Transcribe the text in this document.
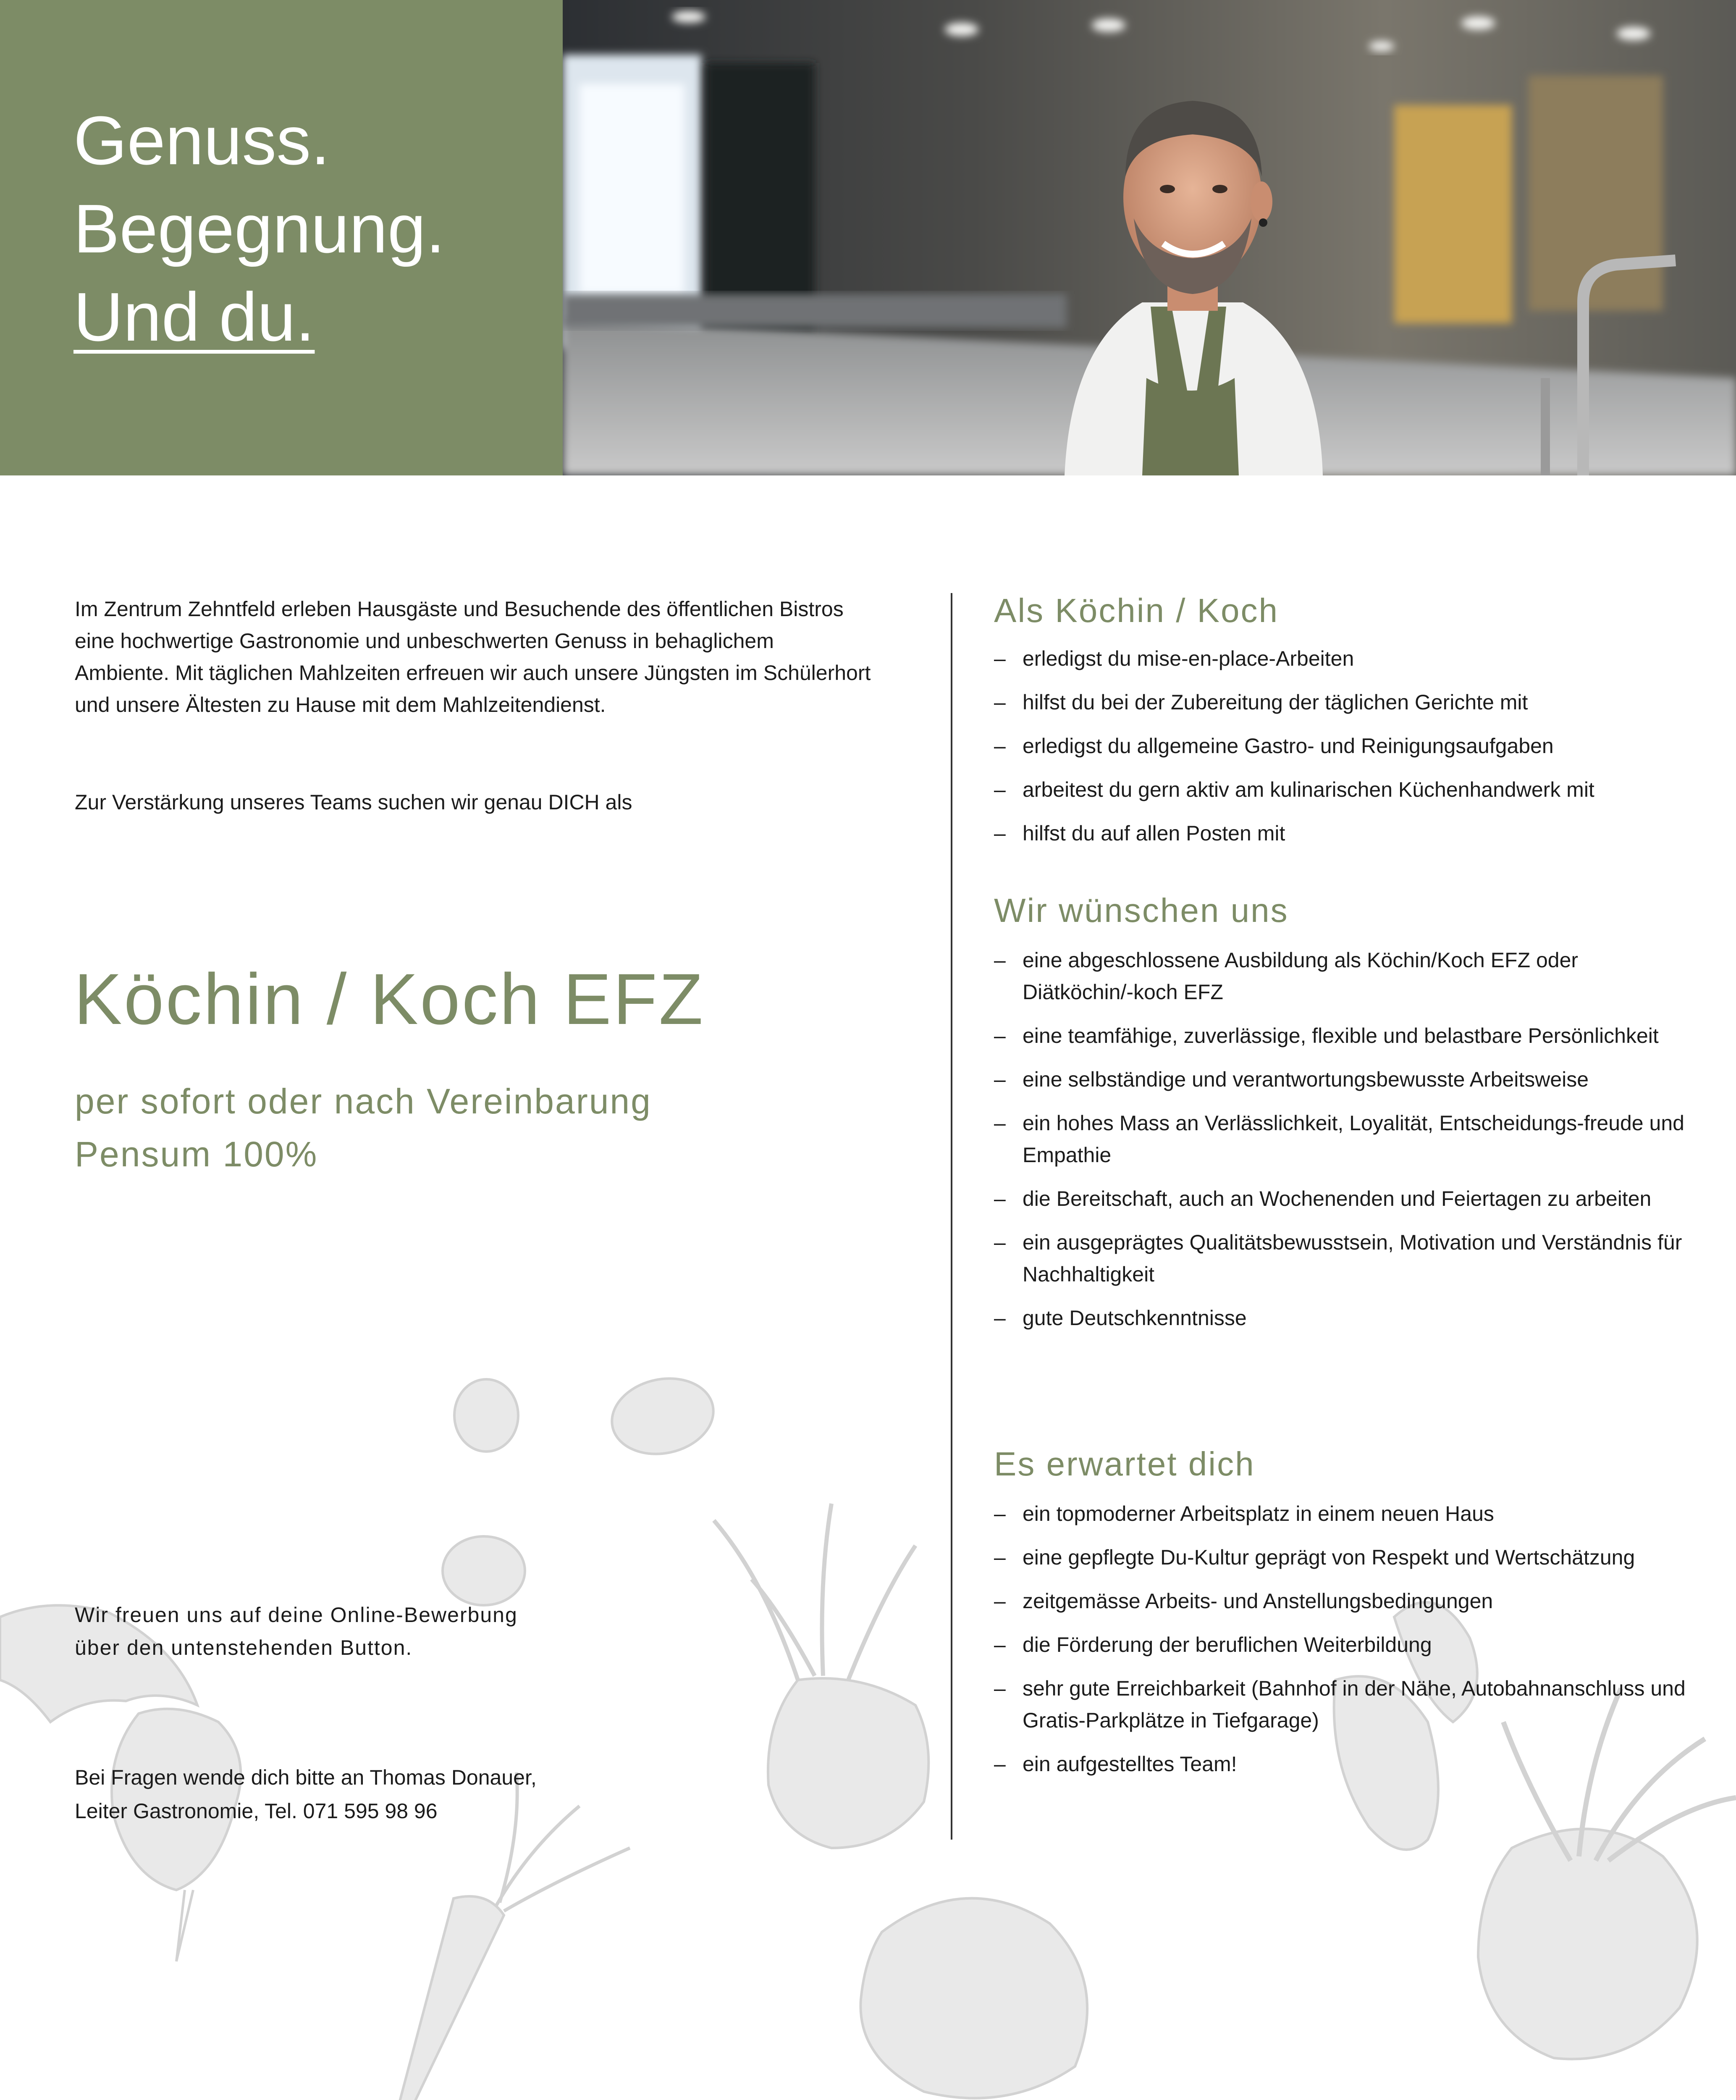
Genuss.
Begegnung.
Und du.
Im Zentrum Zehntfeld erleben Hausgäste und Besuchende des öffentlichen Bistros eine hochwertige Gastronomie und unbeschwerten Genuss in behaglichem Ambiente. Mit täglichen Mahlzeiten erfreuen wir auch unsere Jüngsten im Schülerhort und unsere Ältesten zu Hause mit dem Mahlzeitendienst.
Zur Verstärkung unseres Teams suchen wir genau DICH als
Köchin / Koch EFZ
per sofort oder nach Vereinbarung
Pensum 100%
Wir freuen uns auf deine Online-Bewerbung
über den untenstehenden Button.
Bei Fragen wende dich bitte an Thomas Donauer,
Leiter Gastronomie, Tel. 071 595 98 96
Als Köchin / Koch
– erledigst du mise-en-place-Arbeiten
– hilfst du bei der Zubereitung der täglichen Gerichte mit
– erledigst du allgemeine Gastro- und Reinigungsaufgaben
– arbeitest du gern aktiv am kulinarischen Küchenhandwerk mit
– hilfst du auf allen Posten mit
Wir wünschen uns
– eine abgeschlossene Ausbildung als Köchin/Koch EFZ oder Diätköchin/-koch EFZ
– eine teamfähige, zuverlässige, flexible und belastbare Persönlichkeit
– eine selbständige und verantwortungsbewusste Arbeitsweise
– ein hohes Mass an Verlässlichkeit, Loyalität, Entscheidungs-freude und Empathie
– die Bereitschaft, auch an Wochenenden und Feiertagen zu arbeiten
– ein ausgeprägtes Qualitätsbewusstsein, Motivation und Verständnis für Nachhaltigkeit
– gute Deutschkenntnisse
Es erwartet dich
– ein topmoderner Arbeitsplatz in einem neuen Haus
– eine gepflegte Du-Kultur geprägt von Respekt und Wertschätzung
– zeitgemässe Arbeits- und Anstellungsbedingungen
– die Förderung der beruflichen Weiterbildung
– sehr gute Erreichbarkeit (Bahnhof in der Nähe, Autobahnanschluss und Gratis-Parkplätze in Tiefgarage)
– ein aufgestelltes Team!
